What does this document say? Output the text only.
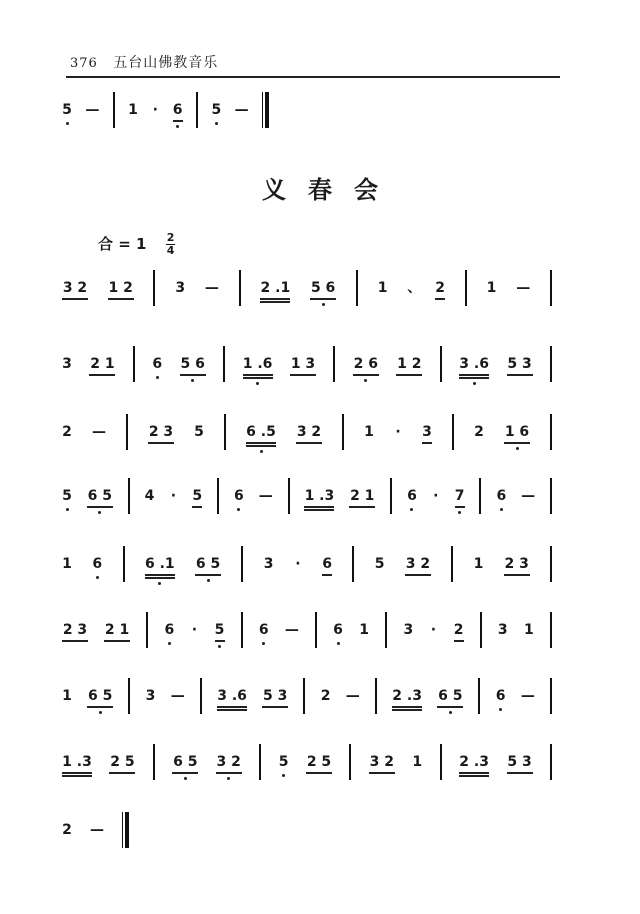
376 五台山佛教音乐
5 — 1 · 6 5 —
义春会
合 = $1 \frac{2}{4}$
3 2 1 2	3 —	2 .1 5 6	1 、 2	1 —
3 2 1	6 5 6	1 .6 1 3	2 6 1 2	3 .6 5 3
2 —	2 3 5	6 .5 3 2	1 · 3	2 1 6
5 6 5 4 · 5 6 — 1 .3 2 1 6 · 7 6 —
1 6	6 .1 6 5	3 · 6	5 3 2	1 2 3
2 3 2 1	6 · 5 6 — 6 1 3 · 2 3 1
1 6 5 3 — 3 .6 5 3 2 — 2 .3 6 5 6 —
1 .3 2 5	6 5 3 2	5 2 5	3 2 1	2 .3 5 3
2 —
